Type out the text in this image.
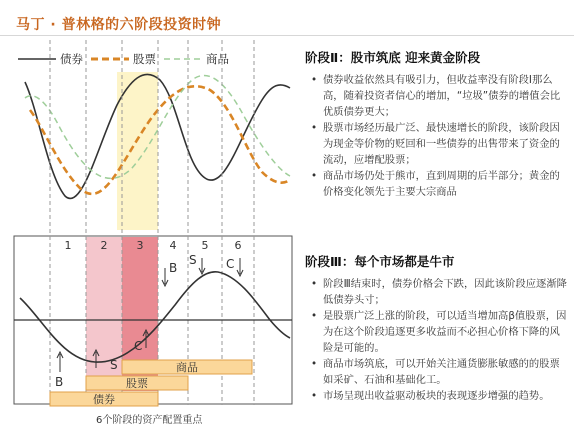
马丁 · 普林格的六阶段投资时钟
债券	股票	商品
1	2	3 4 5 6
B
S
C
B
S C
商品
股票
债券
6个阶段的资产配置重点
阶段Ⅱ：股市筑底 迎来黄金阶段
• 债券收益依然具有吸引力，但收益率没有阶段Ⅰ那么高，随着投资者信心的增加，“垃圾”债券的增值会比优质债券更大；
• 股票市场经历最广泛、最快速增长的阶段，该阶段因为现金等价物的贬回和一些债券的出售带来了资金的流动，应增配股票；
• 商品市场仍处于熊市，直到周期的后半部分；黄金的价格变化领先于主要大宗商品
阶段Ⅲ：每个市场都是牛市
• 阶段Ⅲ结束时，债券价格会下跌，因此该阶段应逐渐降低债券头寸；
• 是股票广泛上涨的阶段，可以适当增加高β值股票，因为在这个阶段追逐更多收益而不必担心价格下降的风险是可能的。
• 商品市场筑底，可以开始关注通货膨胀敏感的的股票如采矿、石油和基础化工。
• 市场呈现出收益驱动板块的表现逐步增强的趋势。
